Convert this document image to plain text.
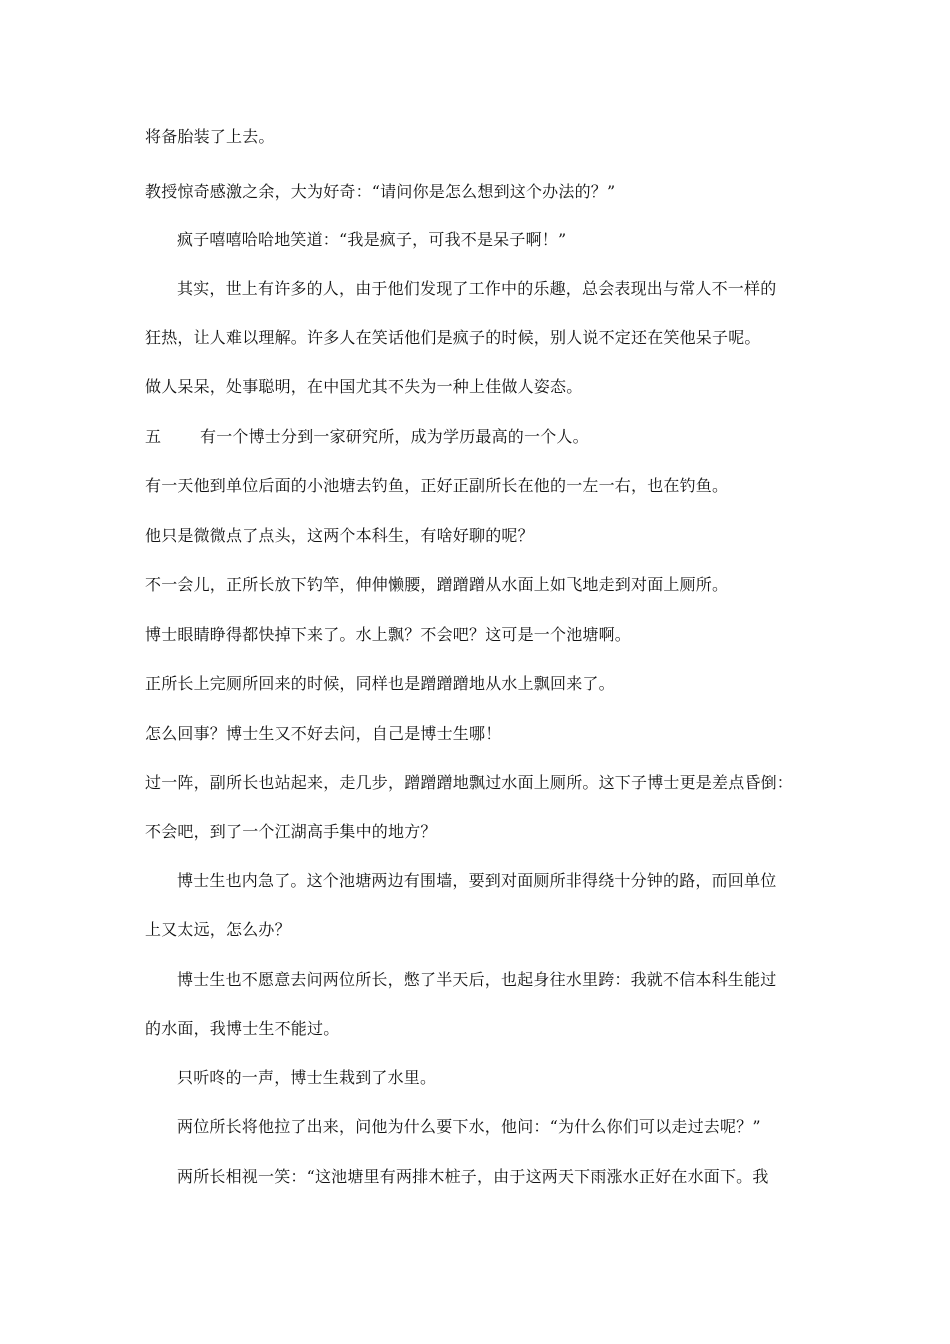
将备胎装了上去。
教授惊奇感激之余，大为好奇：“请问你是怎么想到这个办法的？”
疯子嘻嘻哈哈地笑道：“我是疯子，可我不是呆子啊！”
其实，世上有许多的人，由于他们发现了工作中的乐趣，总会表现出与常人不一样的
狂热，让人难以理解。许多人在笑话他们是疯子的时候，别人说不定还在笑他呆子呢。
做人呆呆，处事聪明，在中国尤其不失为一种上佳做人姿态。
五 有一个博士分到一家研究所，成为学历最高的一个人。
有一天他到单位后面的小池塘去钓鱼，正好正副所长在他的一左一右，也在钓鱼。
他只是微微点了点头，这两个本科生，有啥好聊的呢？
不一会儿，正所长放下钓竿，伸伸懒腰，蹭蹭蹭从水面上如飞地走到对面上厕所。
博士眼睛睁得都快掉下来了。水上飘？不会吧？这可是一个池塘啊。
正所长上完厕所回来的时候，同样也是蹭蹭蹭地从水上飘回来了。
怎么回事？博士生又不好去问，自己是博士生哪！
过一阵，副所长也站起来，走几步，蹭蹭蹭地飘过水面上厕所。这下子博士更是差点昏倒：
不会吧，到了一个江湖高手集中的地方？
博士生也内急了。这个池塘两边有围墙，要到对面厕所非得绕十分钟的路，而回单位
上又太远，怎么办？
博士生也不愿意去问两位所长，憋了半天后，也起身往水里跨：我就不信本科生能过
的水面，我博士生不能过。
只听咚的一声，博士生栽到了水里。
两位所长将他拉了出来，问他为什么要下水，他问：“为什么你们可以走过去呢？”
两所长相视一笑：“这池塘里有两排木桩子，由于这两天下雨涨水正好在水面下。我
